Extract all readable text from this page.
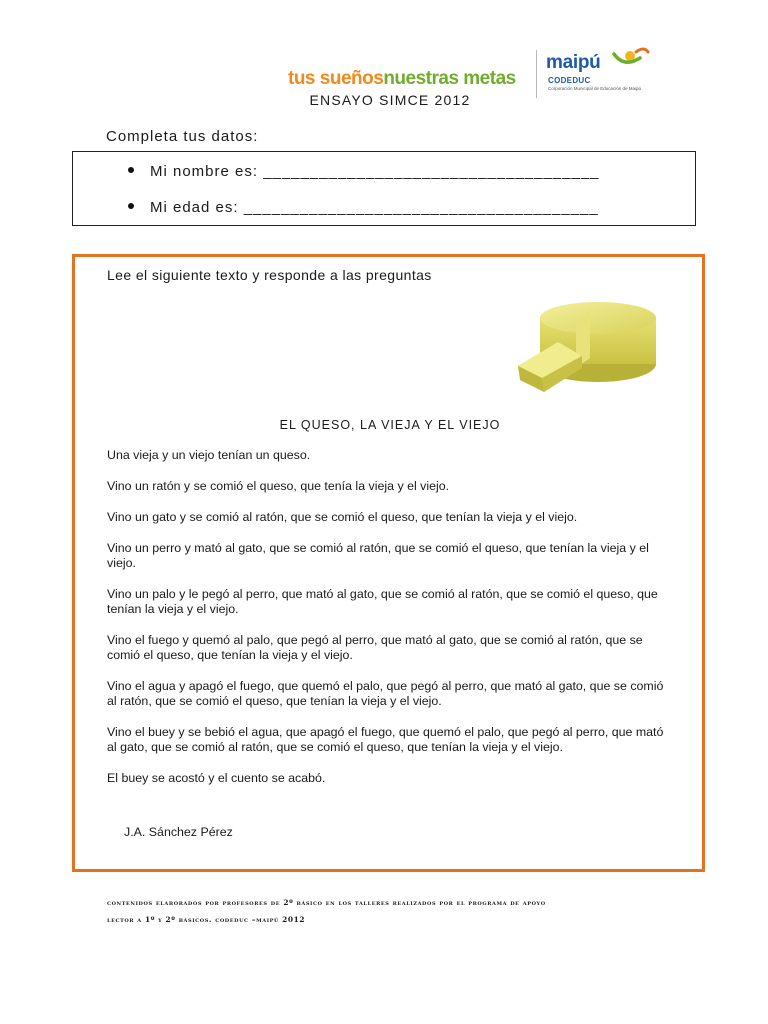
tus sueñosnuestras metas
maipú
CODEDUC
Corporación Municipal de Educación de Maipú
ENSAYO SIMCE 2012
Completa tus datos:
Mi nombre es: ____________________________________
Mi edad es: ______________________________________
Lee el siguiente texto y responde a las preguntas
EL QUESO, LA VIEJA Y EL VIEJO

Una vieja y un viejo tenían un queso.

Vino un ratón y se comió el queso, que tenía la vieja y el viejo.

Vino un gato y se comió al ratón, que se comió el queso, que tenían la vieja y el viejo.

Vino un perro y mató al gato, que se comió al ratón, que se comió el queso, que tenían la vieja y el viejo.

Vino un palo y le pegó al perro, que mató al gato, que se comió al ratón, que se comió el queso, que tenían la vieja y el viejo.

Vino el fuego y quemó al palo, que pegó al perro, que mató al gato, que se comió al ratón, que se comió el queso, que tenían la vieja y el viejo.

Vino el agua y apagó el fuego, que quemó el palo, que pegó al perro, que mató al gato, que se comió al ratón, que se comió el queso, que tenían la vieja y el viejo.

Vino el buey y se bebió el agua, que apagó el fuego, que quemó el palo, que pegó al perro, que mató al gato, que se comió al ratón, que se comió el queso, que tenían la vieja y el viejo.

El buey se acostó y el cuento se acabó.

J.A. Sánchez Pérez
contenidos elaborados por profesores de 2º básico en los talleres realizados por el programa de apoyo
lector a 1º y 2º básicos. codeduc –maipú 2012
